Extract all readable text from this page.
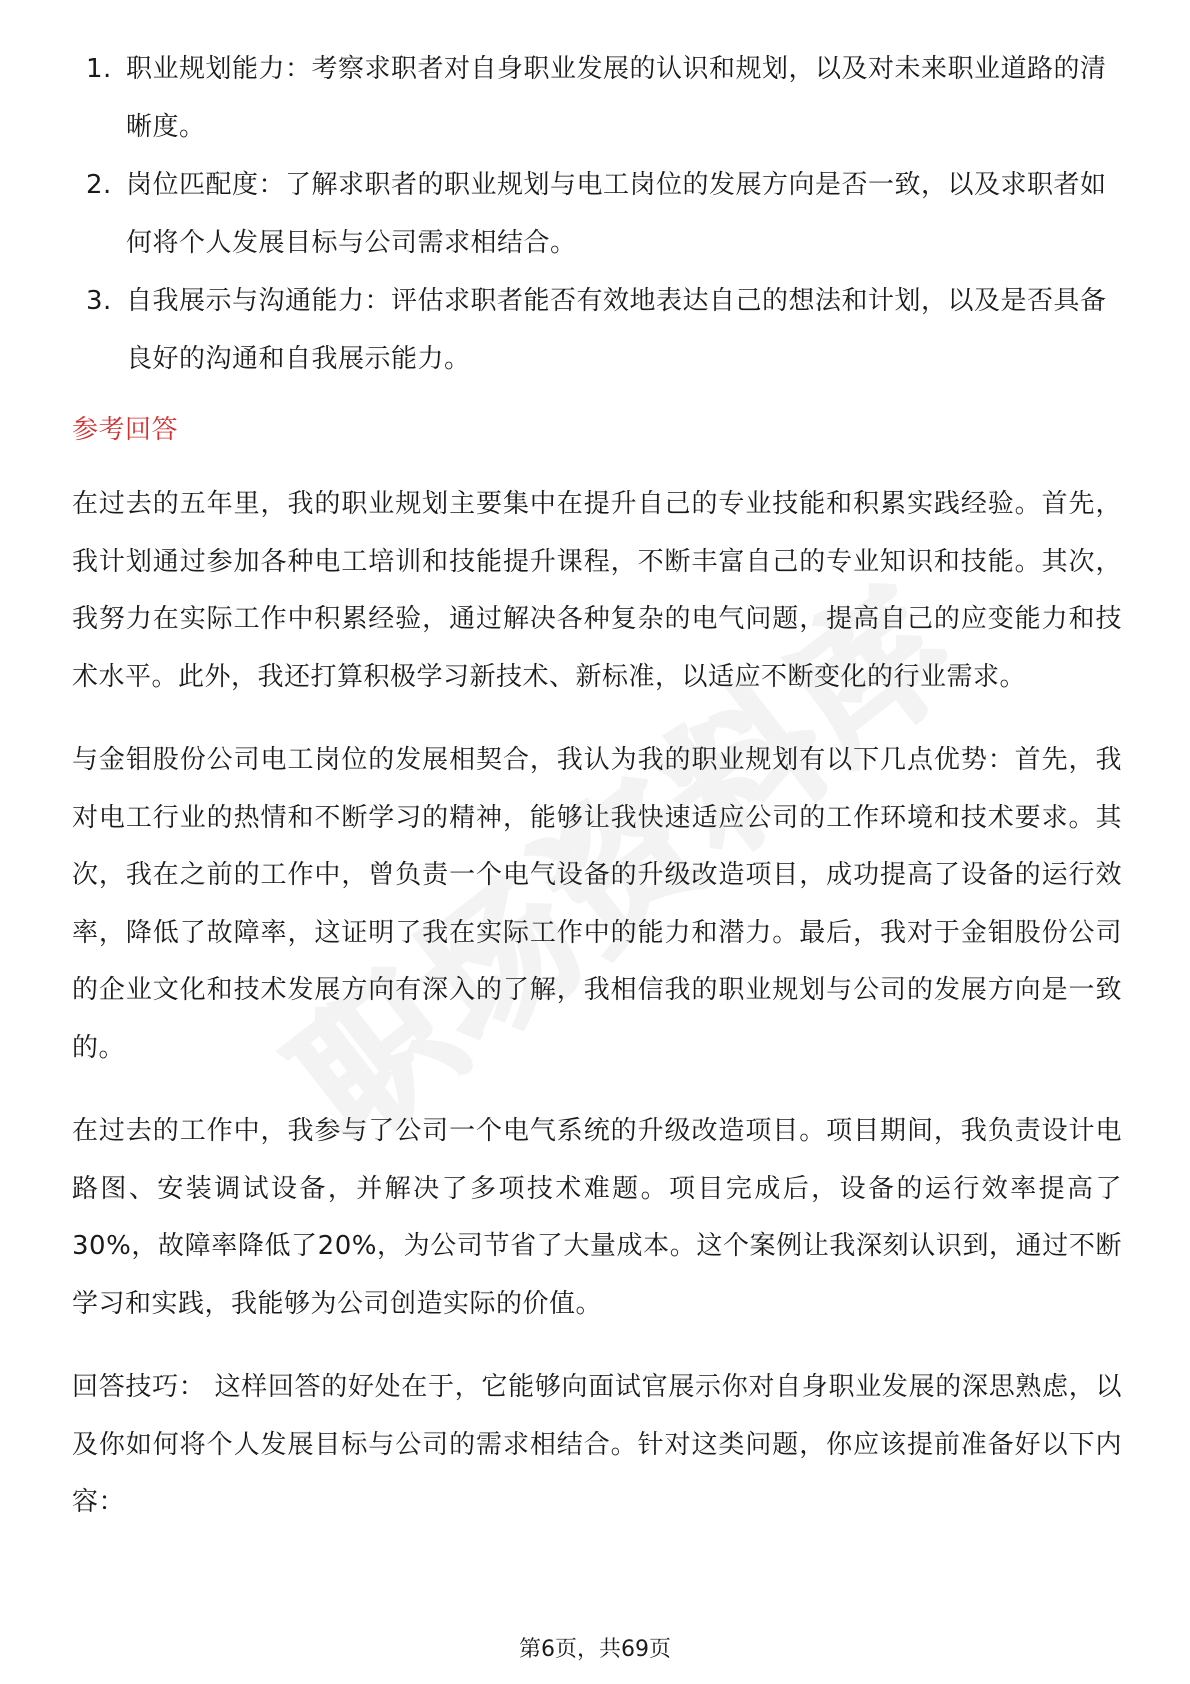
1. 职业规划能力：考察求职者对自身职业发展的认识和规划，以及对未来职业道路的清晰度。
2. 岗位匹配度：了解求职者的职业规划与电工岗位的发展方向是否一致，以及求职者如何将个人发展目标与公司需求相结合。
3. 自我展示与沟通能力：评估求职者能否有效地表达自己的想法和计划，以及是否具备良好的沟通和自我展示能力。
参考回答

在过去的五年里，我的职业规划主要集中在提升自己的专业技能和积累实践经验。首先，我计划通过参加各种电工培训和技能提升课程，不断丰富自己的专业知识和技能。其次，我努力在实际工作中积累经验，通过解决各种复杂的电气问题，提高自己的应变能力和技术水平。此外，我还打算积极学习新技术、新标准，以适应不断变化的行业需求。

与金钼股份公司电工岗位的发展相契合，我认为我的职业规划有以下几点优势：首先，我对电工行业的热情和不断学习的精神，能够让我快速适应公司的工作环境和技术要求。其次，我在之前的工作中，曾负责一个电气设备的升级改造项目，成功提高了设备的运行效率，降低了故障率，这证明了我在实际工作中的能力和潜力。最后，我对于金钼股份公司的企业文化和技术发展方向有深入的了解，我相信我的职业规划与公司的发展方向是一致的。

在过去的工作中，我参与了公司一个电气系统的升级改造项目。项目期间，我负责设计电路图、安装调试设备，并解决了多项技术难题。项目完成后，设备的运行效率提高了30%，故障率降低了20%，为公司节省了大量成本。这个案例让我深刻认识到，通过不断学习和实践，我能够为公司创造实际的价值。

回答技巧： 这样回答的好处在于，它能够向面试官展示你对自身职业发展的深思熟虑，以及你如何将个人发展目标与公司的需求相结合。针对这类问题，你应该提前准备好以下内容：

第6页，共69页
